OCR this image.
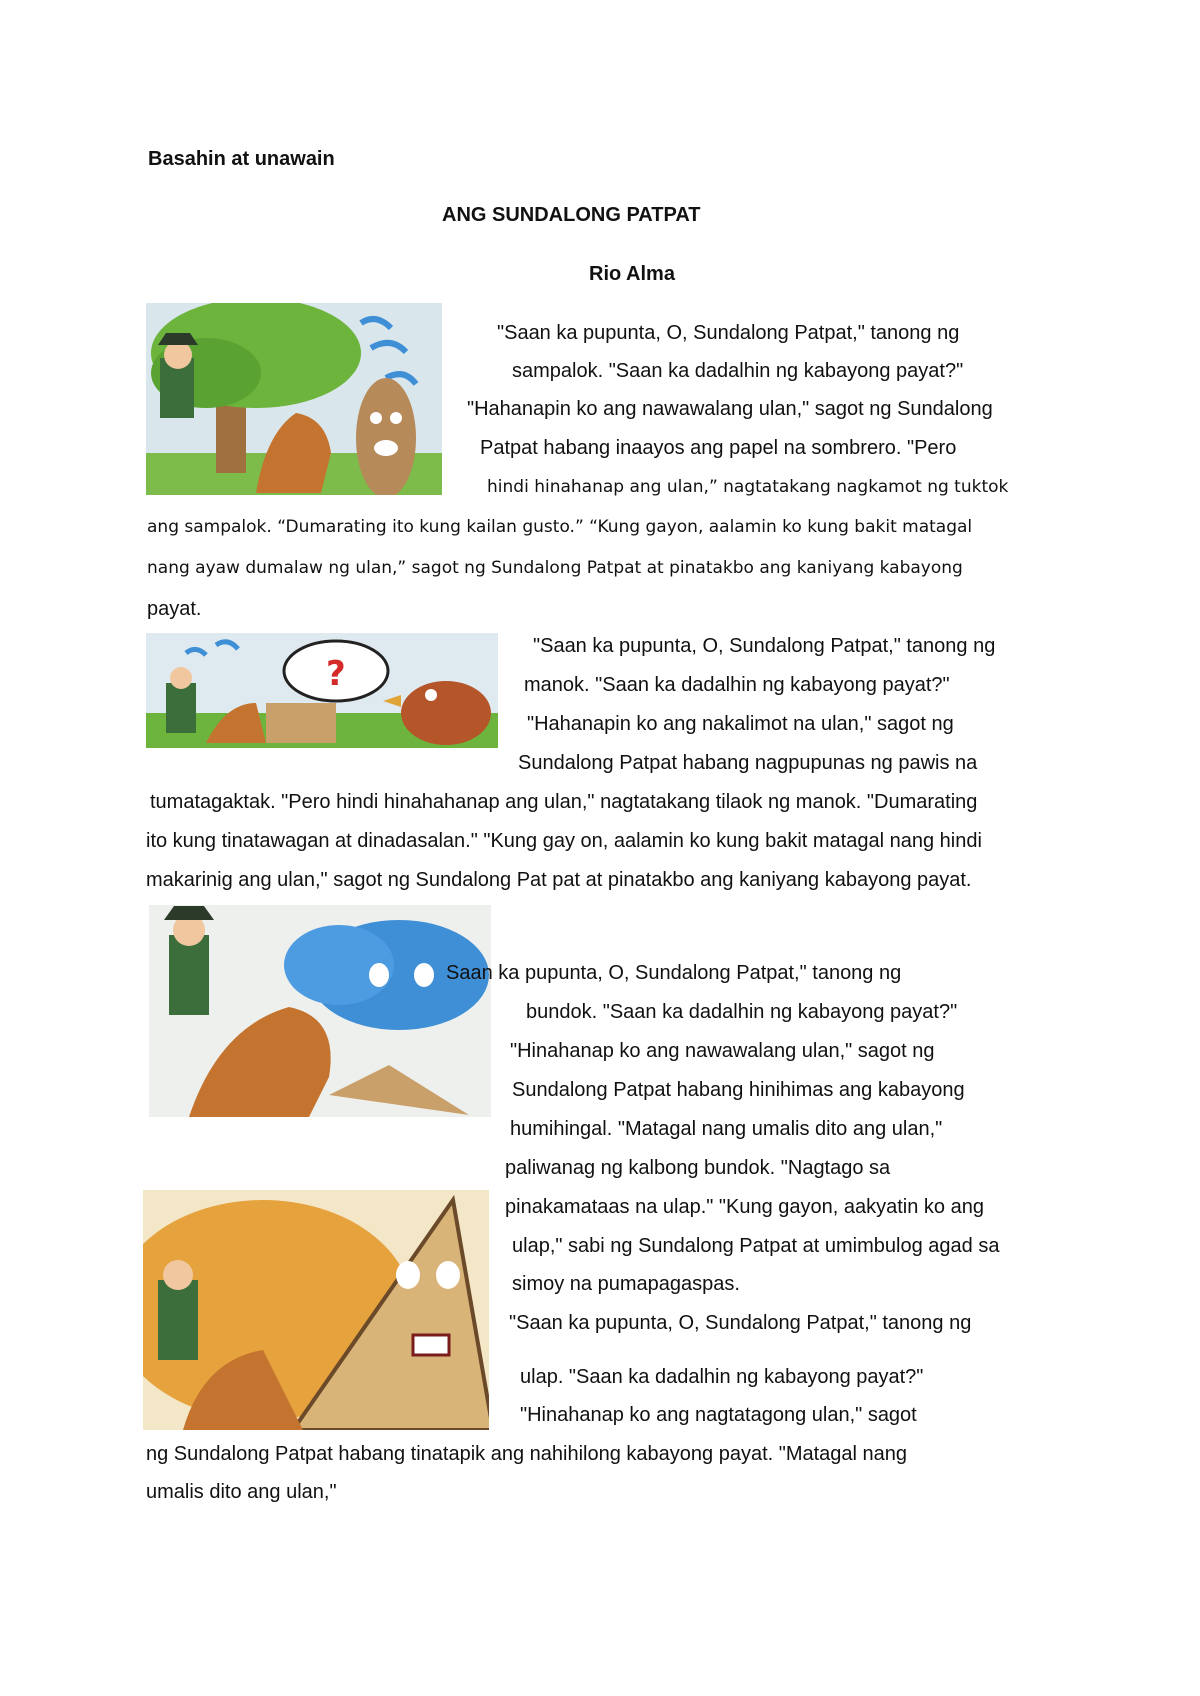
Basahin at unawain
ANG SUNDALONG PATPAT
Rio Alma
"Saan ka pupunta, O, Sundalong Patpat," tanong ng
sampalok. "Saan ka dadalhin ng kabayong payat?"
"Hahanapin ko ang nawawalang ulan," sagot ng Sundalong
Patpat habang inaayos ang papel na sombrero. "Pero
hindi hinahanap ang ulan,” nagtatakang nagkamot ng tuktok
ang sampalok. “Dumarating ito kung kailan gusto.” “Kung gayon, aalamin ko kung bakit matagal
nang ayaw dumalaw ng ulan,” sagot ng Sundalong Patpat at pinatakbo ang kaniyang kabayong
payat.
?
"Saan ka pupunta, O, Sundalong Patpat," tanong ng
manok. "Saan ka dadalhin ng kabayong payat?"
"Hahanapin ko ang nakalimot na ulan," sagot ng
Sundalong Patpat habang nagpupunas ng pawis na
tumatagaktak. "Pero hindi hinahahanap ang ulan," nagtatakang tilaok ng manok. "Dumarating
ito kung tinatawagan at dinadasalan." "Kung gay on, aalamin ko kung bakit matagal nang hindi
makarinig ang ulan," sagot ng Sundalong Pat pat at pinatakbo ang kaniyang kabayong payat.
Saan ka pupunta, O, Sundalong Patpat," tanong ng
bundok. "Saan ka dadalhin ng kabayong payat?"
"Hinahanap ko ang nawawalang ulan," sagot ng
Sundalong Patpat habang hinihimas ang kabayong
humihingal. "Matagal nang umalis dito ang ulan,"
paliwanag ng kalbong bundok. "Nagtago sa
pinakamataas na ulap." "Kung gayon, aakyatin ko ang
ulap," sabi ng Sundalong Patpat at umimbulog agad sa
simoy na pumapagaspas.
"Saan ka pupunta, O, Sundalong Patpat," tanong ng
ulap. "Saan ka dadalhin ng kabayong payat?"
"Hinahanap ko ang nagtatagong ulan," sagot
ng Sundalong Patpat habang tinatapik ang nahihilong kabayong payat. "Matagal nang
umalis dito ang ulan,"
